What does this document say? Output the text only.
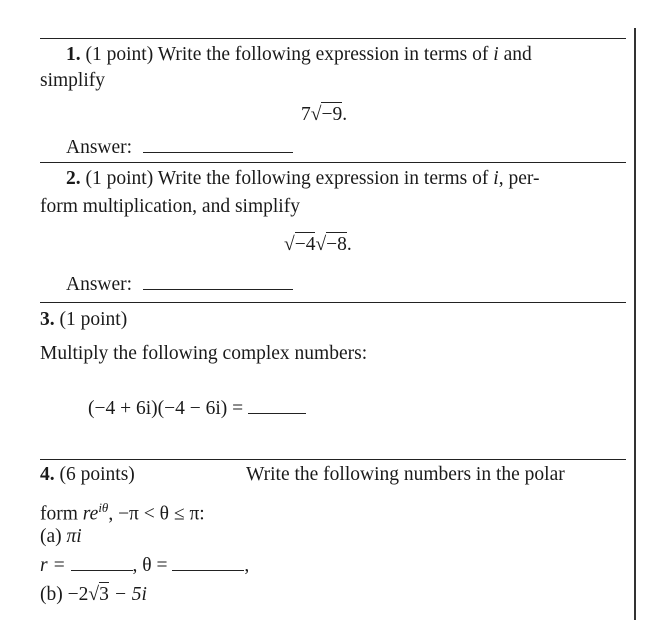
1. (1 point) Write the following expression in terms of i and
simplify
7√−9.
Answer:
2. (1 point) Write the following expression in terms of i, per-
form multiplication, and simplify
√−4√−8.
Answer:
3. (1 point)
Multiply the following complex numbers:
(−4 + 6i)(−4 − 6i) =
4. (6 points)	Write the following numbers in the polar
form $re^{i\theta}$, −π < θ ≤ π:
(a) πi
r =	, θ =	,
(b) −2√3 − 5i
